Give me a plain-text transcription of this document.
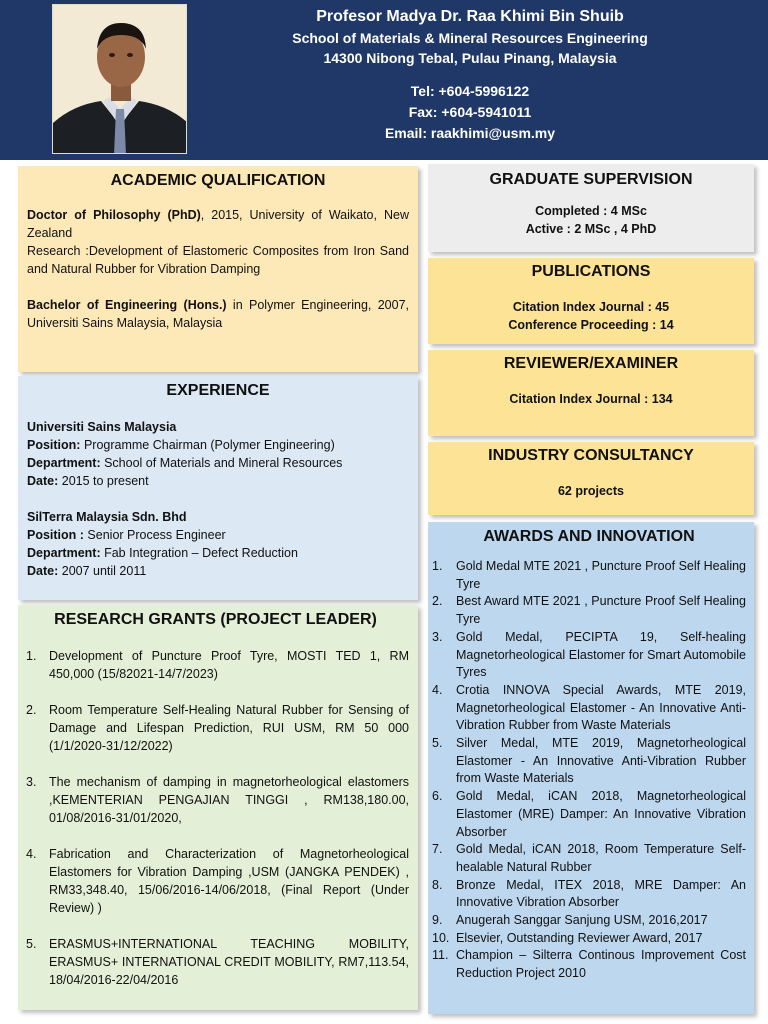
Profesor Madya Dr. Raa Khimi Bin Shuib
School of Materials & Mineral Resources Engineering
14300 Nibong Tebal, Pulau Pinang, Malaysia
Tel: +604-5996122
Fax: +604-5941011
Email: raakhimi@usm.my
ACADEMIC QUALIFICATION
Doctor of Philosophy (PhD), 2015, University of Waikato, New Zealand
Research :Development of Elastomeric Composites from Iron Sand and Natural Rubber for Vibration Damping
Bachelor of Engineering (Hons.) in Polymer Engineering, 2007, Universiti Sains Malaysia, Malaysia
EXPERIENCE
Universiti Sains Malaysia
Position: Programme Chairman (Polymer Engineering)
Department: School of Materials and Mineral Resources
Date: 2015 to present
SilTerra Malaysia Sdn. Bhd
Position : Senior Process Engineer
Department: Fab Integration – Defect Reduction
Date: 2007 until 2011
RESEARCH GRANTS (PROJECT LEADER)
1. Development of Puncture Proof Tyre, MOSTI TED 1, RM 450,000 (15/82021-14/7/2023)
2. Room Temperature Self-Healing Natural Rubber for Sensing of Damage and Lifespan Prediction, RUI USM, RM 50 000 (1/1/2020-31/12/2022)
3. The mechanism of damping in magnetorheological elastomers ,KEMENTERIAN PENGAJIAN TINGGI , RM138,180.00, 01/08/2016-31/01/2020,
4. Fabrication and Characterization of Magnetorheological Elastomers for Vibration Damping ,USM (JANGKA PENDEK) , RM33,348.40, 15/06/2016-14/06/2018, (Final Report (Under Review) )
5. ERASMUS+INTERNATIONAL TEACHING MOBILITY, ERASMUS+ INTERNATIONAL CREDIT MOBILITY, RM7,113.54, 18/04/2016-22/04/2016
GRADUATE SUPERVISION
Completed : 4 MSc
Active : 2 MSc , 4 PhD
PUBLICATIONS
Citation Index Journal : 45
Conference Proceeding : 14
REVIEWER/EXAMINER
Citation Index Journal : 134
INDUSTRY CONSULTANCY
62 projects
AWARDS AND INNOVATION
1. Gold Medal MTE 2021 , Puncture Proof Self Healing Tyre
2. Best Award MTE 2021 , Puncture Proof Self Healing Tyre
3. Gold Medal, PECIPTA 19, Self-healing Magnetorheological Elastomer for Smart Automobile Tyres
4. Crotia INNOVA Special Awards, MTE 2019, Magnetorheological Elastomer - An Innovative Anti-Vibration Rubber from Waste Materials
5. Silver Medal, MTE 2019, Magnetorheological Elastomer - An Innovative Anti-Vibration Rubber from Waste Materials
6. Gold Medal, iCAN 2018, Magnetorheological Elastomer (MRE) Damper: An Innovative Vibration Absorber
7. Gold Medal, iCAN 2018, Room Temperature Self-healable Natural Rubber
8. Bronze Medal, ITEX 2018, MRE Damper: An Innovative Vibration Absorber
9. Anugerah Sanggar Sanjung USM, 2016,2017
10. Elsevier, Outstanding Reviewer Award, 2017
11. Champion – Silterra Continous Improvement Cost Reduction Project 2010
